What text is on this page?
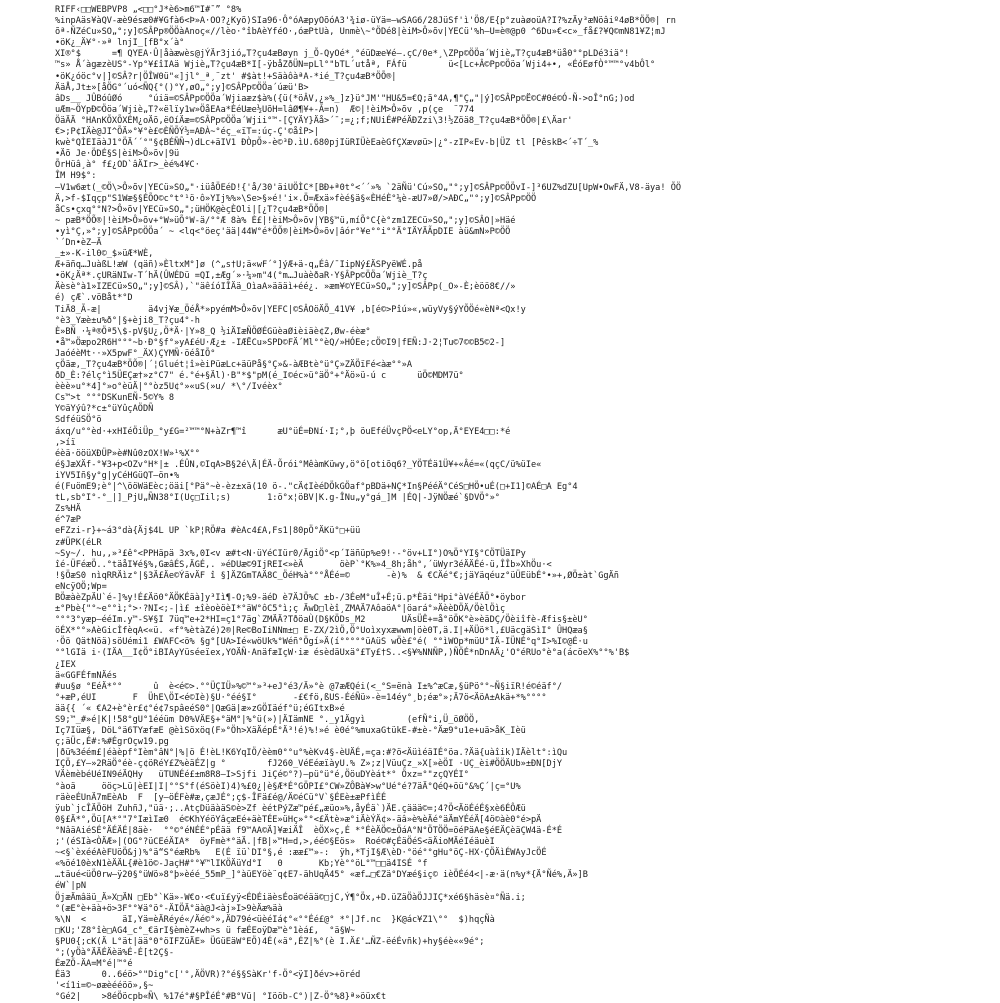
RIFF‹□□WEBPVP8 „<□□°J*è6>m6™I#¯” °8%
%inpAäs¥àQV-æè9ésæ0#¥Gfà6<Þ»A·OO?¿Kyõ)SIa96·Ô°óAæpyOõóA3'¾iø-üYä=—wSAG6/28JüSf'ì'Ö8/E{p°zuàøoüA?I?%zÄy³æNöâiº4øB*ÖÕ®| rn
õª-ÑZéCu»SO„°;y]©SÂPp®ÖÖàAnoç«//lèo·°îbAèYféO·,óæPtUà, Unmè\~°ÖDé8|èiM>Ô»õv|YECü'%h—U=è®@p0 ^6Du»€<c»_få£?¥Q©mN81¥Z¦mJ
•öK¿_Ä¥°·»ª lnjI_[fB°x´à°
XI®°$      =¶ QYEA·Û|åàæwès@jÝÄr3jió„T?çu4æBøyn j_Õ-QyOé*¸°éüDæe¥é—.çC/0e*¸\ZPp©ÖÖa´Wjiè„T?çu4æB*üå0°°pLDé3iä°!
™s» Å´àgæzèUS°-Yp°¥£îIAä Wjiè„T?çu4æB*I[-ÿbåZðÜN=pLl°"bTL´utåª, FÁfü        ü<[Lc+Â©Pp©Ööa´Wji4+•, «ÉóEøfÒ°™™°v4bÔl°
•öK¿óöc°v|]©SÂ?r|ÖÎW0ü"«]jl°_ª¸¨zt' #$àt!+SäàôàªA-*ié_T?çu4æB*ÖÕ®|
ÄäÅ,Jt±»[åÖG°´uó<ÑQ{°()°Y,øO„°;y]©SÂPp©ÖÖa´úæü'B>
âDs__ JÛBóûØó     °úiä=©SÂPp©ÖÖa´Wjiaæz$à%({ü(*öÂV,¿»%_]z}ü°JM'"HU&5=€Q;ã°4A,¶"Ç„"|ý]©SÂPp©Ë©C#0é©Ó-Ñ->oÎ°nG;)od
uÆm~ÖYpÐ©Ööa´Wjiè„T?«ëlïy1w»ÖåEAa*ÈéUæe½UõH=lâØ¶¥+-Ã=n)  Æ©|!èiM>Ô»õv ,p(çe  ¨774
ÖäÄÄ °HAnKÕXÕXÉM¿oÄõ,ëOíÄæ=©SÂPp©ÖÖa´Wjii°™-[ÇYÄY}Äå>´¯;=¿;f;NUiÉ#PéÄÐZzi\3!½Zöä8_T?çu4æB*ÖÕ®|£\Äar'
€>;P¢IÄè@JI^ÕÄ»°¥°è£©ÈÑÕÝ½=AÐÀ~°éç_«ïT=:úç-Ç'©åîP>|
kwè°QÌEIäàJ1°ÖÄ´´°"§¢BÉÑÑ¬)dLc+äIV1 ÐÒpÕ»-è©³Ð.ìU.680pjIüRIÜèEaèGfÇXævøü>|¿°-zIP«Ev-b|ÜZ tl [PêskB<´÷T´_%
•Äõ Je·ÖDÉ§S|èiM>Ô»õv|9ü
ÕrHüâ¸à° f£¿OD`âÄIr>_èé%4¥C·
ÎM H9$°:
—V1w6æt(_©Ö\>Ô»õv|YECü»SO„"·iüåÖEéD!{'å/30'äiUÖÌC*[BÐ+ª0t°<´´»% `2äÑü'Cú»SO„"°;y]©SÂPp©ÖÖvI-]³6UZ%dZU[UpW•OwFÄ,V8-äya! ÕÖ
Ä,>f-$Iqçp"S1Wæ§§ÉÕO©c°t°¹ö·ô»YIj%%»\Se>§»é!'i×.Ö=Æxä»fèé§ä§«ÈHéÈ°¼è-æU7»Ø/>AÐC„"°;y]©SÂPp©ÖÖ
åCs•çxq°°N?>Ô»õv|YECü»SO„";üHÖK@èçÈOli|[¿T?çu4æB*ÖÕ®|
~ pæB*ÖÕ®|!èiM>Ô»õv+°W»üÕ°W-ä/°°Æ 8à% È£|!èiM>Ô»õv|YB§™ü,míÕ°C{è°zm1ZECü»SO„";y]©SÂO|»Häé
•yì°Ç,»°;y]©SÂPp©ÖÖa´ ~ <lq<°öeç'ää|44W°é*ÖÕ®|èiM>Ô»õv|âór°¥e°°i°°Ä°IÄYÄÃpDIE àü&mN»P©ÖÖ
`´Dn•èZ—Ä
_±»-K-il0©_$»üÆ*WÈ,
Æ+äñq…JuàßL!æW (qäñ)»ÈltxM°]ø (^„s†U;ä«wF´°]ýÆ+ä-q„Éâ/¯IipNý£ÄSPyëWÉ.på
•öK¿Äª*.çURäNIw-T´hÄ(ÛWÉDü =QI,±Æg´»·¼»m"4(°m…JuàèðaR·Y§ÂPp©ÖÖa´Wjiè_T?ç
Äèsè°à1»IZECü»SO„";y]©SÂ),`"äêíóIÎÄä_OìaA»äääì+éé¿. »æm¥©YECü»SO„";y]©SÂPp(_O»-È;èöö8€//»
é) çÆ`.vöBåt*°D
TiÄ8_Ã-æ|         ä4vj¥æ_ÖéÅ*»pyémM>Ô»õv|YEFC|©SÂOöÄÕ_41V¥ ,b[é©>Pîú»«,wüyVy§ýYÕÖé«èNª<Qx!y
°è3_Yæè±u%ð°|§+èji8_T?çu4°-h
È»BÑ ·¼ª®Öª5\$-pV§U¿,Ö*Ä·|Y»8_Q ½iÄIæÑÖØÉGüèaØièiäè¢Z,Øw-éèæ°
•å™»Öæpo2R6H°°°~b·Ð°§f°»yA£éU·Æ¿± -IÆËCu»SPD©FÄ´Ml°°èQ/»HÓEe;cÖ©I9|fEÑ:J·2¦Tu©7©©B5©2-]
JaóéèMt··»X5pwF°_ÄX)ÇYMÑ·öéåIÕ°
çÖäæ,_T?çu4æB*ÖÕ®|´¦Gluét¦î»èiPüæLc+äüPå§°Ç»&-àÆBtè°ü°Ç»ZÄÖïFé<àæ°°»A
ðD_È:?élç°ì5ÜEÇæ†»z°C7" é.°é+§Äl)·B"*$"pM(é_I©éc»ü°äÖ°+°Äö»ü-ú c      üÖ©MDM7ü°
èèè»u°*4]°»o°èüÄ|°°òz5U¢°»«uS(»u/ *\°/Ivéèx°
Cs™>t °°°DSKunEÑ-5©Y% 8
Y©äYýû?*c±°üYûçAÖDÑ
SdféüSÖ°ö
áxq/u°°èd·+xHIéÖiÜp_°y£G=²™™°N+àZr¶™î      æU°üÉ=ÐNí·I;°,þ öuEféÜvçPÖ<eLY°op,Ä°EYE4□□:*é
,>íï
éèä·ööüXÐÜP»è#Nû0zOX!W»¹%X°°
é§JæXÄf-°¥3+p<OZv°H*|± .ÉÛN,©IqA>B§2é\Ä|ÉÄ-Õrói°MêàmKüwy,ö°ö[otiõq6?_YÖTÉä1Ü¥+«Âé=«(qçC/ü%üIe«
iYV5Iñ§y°g|yCéHGüQT—ön•%
é(FuömE9;è°|^\ööWäEèc;öäi[°Pä°~è-èz±xä(10 ö-."cÄ¢IèéDÖkGÖaf°pBDä+NÇ*In§PééÄ°CéS□HÖ•uÉ(□+I1]©AÉ□A Eg°4
tL,sb°I°-°_|]_PjU„ÑN38°I(Uç□Iil;s)       1:ö°x¦öBV|K.g-ÎNu„y°gá_]M |ÉQ|-JÿNÖæé`§DVÖ°»°
Zs%HÄ
é^7æP
eFZzi-r}+~á3°dà{Äj$4L UP `kP¦RÖ#a #èAc4£A,Fs1|80pÖ°ÄKü°□+üü
z#ÜPK(éLR
~Sy~/. hu,,»³£ê°<PPHäpä 3x%,0I<v æ#t<N·üYéCIür0/ÄgiÖ°<p´Iäñüp%e9!·-°öv+LI°)O%Ö°YI§°CÖTÜäIPy
îé-ÜFéæÖ..°täåI¥é§%,GæâÉS,ÄGÉ,. »éDUæ©9IjREI<»èÄ       öèP`°K%»4_8h;åh°,´üWyr3éÄÄÉé-ü,ÎÎb»XhÖu·<
!§ÖæS0 nìqRRÄìz°|§3Ä£Äe©ÝävÄF î §]ÄZGmTAÄ8C_ÖéH%à°°°ÅÉé=©       -è)%  & €CÄé°€;jäYäqéuz°üÜEübÉ°•»+,ØÖ±àt`GgÄñ
eNcÿOÖ;Wp=
BÖæàèZpÄU`é-]%y!É£Äö0°ÄÖKÉäà]y³Iì¶-O;%9-äéD è7ÄJÖ%C ±b-/3ÉeM°uÎ+É;ü.p*Èäi°Hpi°àVéÉÄÖ°•öybor
±°Pbè{"°~e°°ì;°>·?NI<;-|ì£ ±îèoèöèI*°äW°ôC5°ì;ç ÄwD□lèî¸ZMAÄ7AôaöA°|öará°»ÄèèDÖÄ/ÖèlÖìç
°°°3°yæp—ééIm.y™-S¥§I 7üq™e+2*HI=ç1°7äg`ZMÄÄ?TðöaÙ(D§KÖDs_M2       UÄsÜÊ+=å°öÖK°è»èäDÇ/Öèiîfè-Æfis§±èU°
öÉX*°°»AèGicÌfèqA<«ü. «f°%ètàZé)2®|Re©BoIiNNm±□ E-ZX/2ìÖ,Ö°Uoìxyxæwwm|öè0T,ä.I|+ÄÜö*l,£UäcgäSìI° ÛHQæa§
·Öö QätNöä)söUémi1 £WAFC<ö% §g°[UA>Ié«wöUk%°Wéñ°Ögí»Ä(í°°°°°üAüS wÖè£°é( °°ìWOp*müU°IÄ-IÜNÉ°q°I>%I©@É·u
°°lGIä i·(IÄA__I¢Ö°iBIAyYüséeïex,YOÄÑ·AnäfæIçW·iæ ésèdäUxä°£Ty£†S..<§¥%NNÑP,)ÑÖÉ*nDnAÄ¿'O°éRUo°è°a(ácöeX%°°%'B$
¿IEX
ä«GGFÉfmNÄés
#uu§ø °EéÄ*°°      û  è<é©>.°°ÜÇIÜ»%©™°»³+eJ°é3/Ä»°è @7æÆQéi(<_°S=ënà I±%^æCæ,§üPö°°~Ñ§iïR!é©éäf°/
°+æP,éUI       F  ÜhE\ÖI<é©Iè)§U·°éé§I°       -£€fö,ßUS-ÉéÑü»-è=14éy°¸b;éæ°»;Ä7ö<ÄöA±Akä+*%°°°°
ää{{ ´« €A2+è°èr£¢°é¢7spâeéS0°|QæGä|æ»zGÖIäéf°ü;éGItxB»é
S9;™_#»é|K|!58°gU°1ééüm D0%VÄE§+°äM°|%°ü(»)|ÄIämNE °._y1Ägyì        (efÑ°i,Ü_öØÖÖ,
Iç7Iüæ§, DöL°ä6TYæfæE @èìSöxöq(F»°Öh>XäÄépÉ°Ä³!é)%!»é è0é°%muxaGtükE-#±è-°Äæ9°u1e+uä>åK_Ièü
ç;äÜc,É#:%#ÉgrOçw19.pg
|ðü%3éém£|éàèpf°Ièm°âN°|%|ö É!èL!K6YqIÖ/èèm0°°u°%èKv4§-èUÄÉ,=ça:#?ö<ÄüìéäIÉ°öa.?Ää{uàîik)IÄèlt°:ìQu
IÇÖ,£Y—»2RäÖ°éè-ç¢öRéY£Z%èäÉZ|g °        fJ260_VéEéæïàyU.% Z»;z|VüuÇz_»X[»èÖI ·UÇ_èi#ÖÖÄUb»±ÐN[DjY
VÄèmèbéUéIN9éÄQHy   üTUNÉé£±m8R8—I>Sjfi JiÇé©°?)—pü°ü°é,ÖöuDYèát*° Öxz=°"zçQYÉI°
°àoä     ööç>Lü|èEI|I|°°S°f(éSöèI)4)%£0¿|è§Æ*É°GÖPI£°CW»ZÔBà¥>w°Ué°é?7äÄ°QéQ+öü°&%Ç´|ç=°U%
räèeÉUnÄ7mEèAb  F  [y—öÉFè#æ,çæJÉ°;ç$-ÎFä£é@/Ä©éCü°V`§ÉEè±æPfìÉÉ
ÿub`jcÎÄÖöH ZuhñJ,"üä·;..AtçDüäàäS©è>Zf èétPýZæ™pé£„æüo»%,åyÉä`)ÄE.çäää©=;4?Ö<ÄöÉéÉ§xè6ÉÔÆü
0§£Ä*°,Öü[A*°"7°IæìIæ0  é©KhYéöYâçæEé+äèTÉE»üHç»°°<£Ätè»æ°iÄèÝÄ¢»-äâ»è%èÄé°äÄmYÉéÄ[4ö©àè0°é>pÄ
°NâäAiéSÉ°ÄÉÄÉ|8äè·  °°©°éNÉÉ°pÉää f9™AA©Ä]¥æiÄÎ  èÖX»ç,É *°ÉèÄÖ©±ÖáA°N°ÖTÖÖ=öéPäAe§éEÄÇèäÇW4ä-É*É
;'(éSIà<ÒÄÆ»|(OG°?üCEéÄIA*  öyFmè*°äÄ.|fB|»™H=d,>,éé©§Eös»  Roé©#çÉäÖéS<äÄioMÄéIéäuèI
~<§`èxééAèFUöÖ&j)%°ä“S°éæRb%   E(É ïü`DI°§,é :ææ£™»-:  ÿh,*TjI§Æ\èD·°öé°°gHu°öÇ-HX·ÇÖÄìÉWAyJcÖÉ
«%öé10èxN1èÄÄL{#è1ö©-JaçH#°°¥™lIKÖÄüYd°I   0       Kb;Yè°°öL°™□□ä4ISÉ °f
…täué<üÖ0rw—ÿ20§°üWö»8°þ»èéé_55mP_]°àüEYöè¨q¢E7-ähUqÄ45° «æf…□€Zä°DYæé§iç© ièÖÉé4<|-æ·ä(n%y*{Ä°Ñé%,Ä»]B
éW`|pN
ÖjæÄmâäü_Ä»X□ÄN □Eb°`Kä»-W€o·<€uï£yÿ<ÉDÉiäèsÉoä©éää©□jC,Ý¶°Öx,+D.üZäÖàÖJJIÇ*xé6§häsè¤°Ñä.i;
°(æE°è+äà+ö>3F°°¥ä°ö°-ÄIÖÄ°äà@J<àj»I>9èÄæ%äà
%\N  <       äI,Yä=èÄRéyé«/Äé©°»,ÄD79é<üèéIá¢°«°°Éé£@° *°|Jf.nc  }K@ác¥Z1\°°  $)hqçÑà
□KU;'Z8°îè□AG4_c°_€ärI§èmèZ+wh>s ü fæÉEoÿDæ™è°1èá£,  °ä§W~
§PU0{;cK(Ä L°ät|ää°0°öIFZüÄE» ÜGüEäW°EÖ)4É(«ä°,ÉZ|%°(è I.Ä£'…ÑZ-ëéÉvñk)+hy§éè««9é°;
°;(yÖà°ÄÄÉÄèä%É-É[t2Ç§-
ÉæZÖ-ÄA=M°é|™°é
Éä3      0..6éö>°"Dig"c['°,ÄÖVR)?°é§§SàKr'f-Ö°<ÿI]ðév>+öréd
'<í1i=©~øæèééöö»,§~
°Gé2|    >8éÖöcpb«Ñ\ %17é°#§PÎéÉ°#B°Vü| °Iööb-C°)|Z-Ö°%8}ª»öüx€t
